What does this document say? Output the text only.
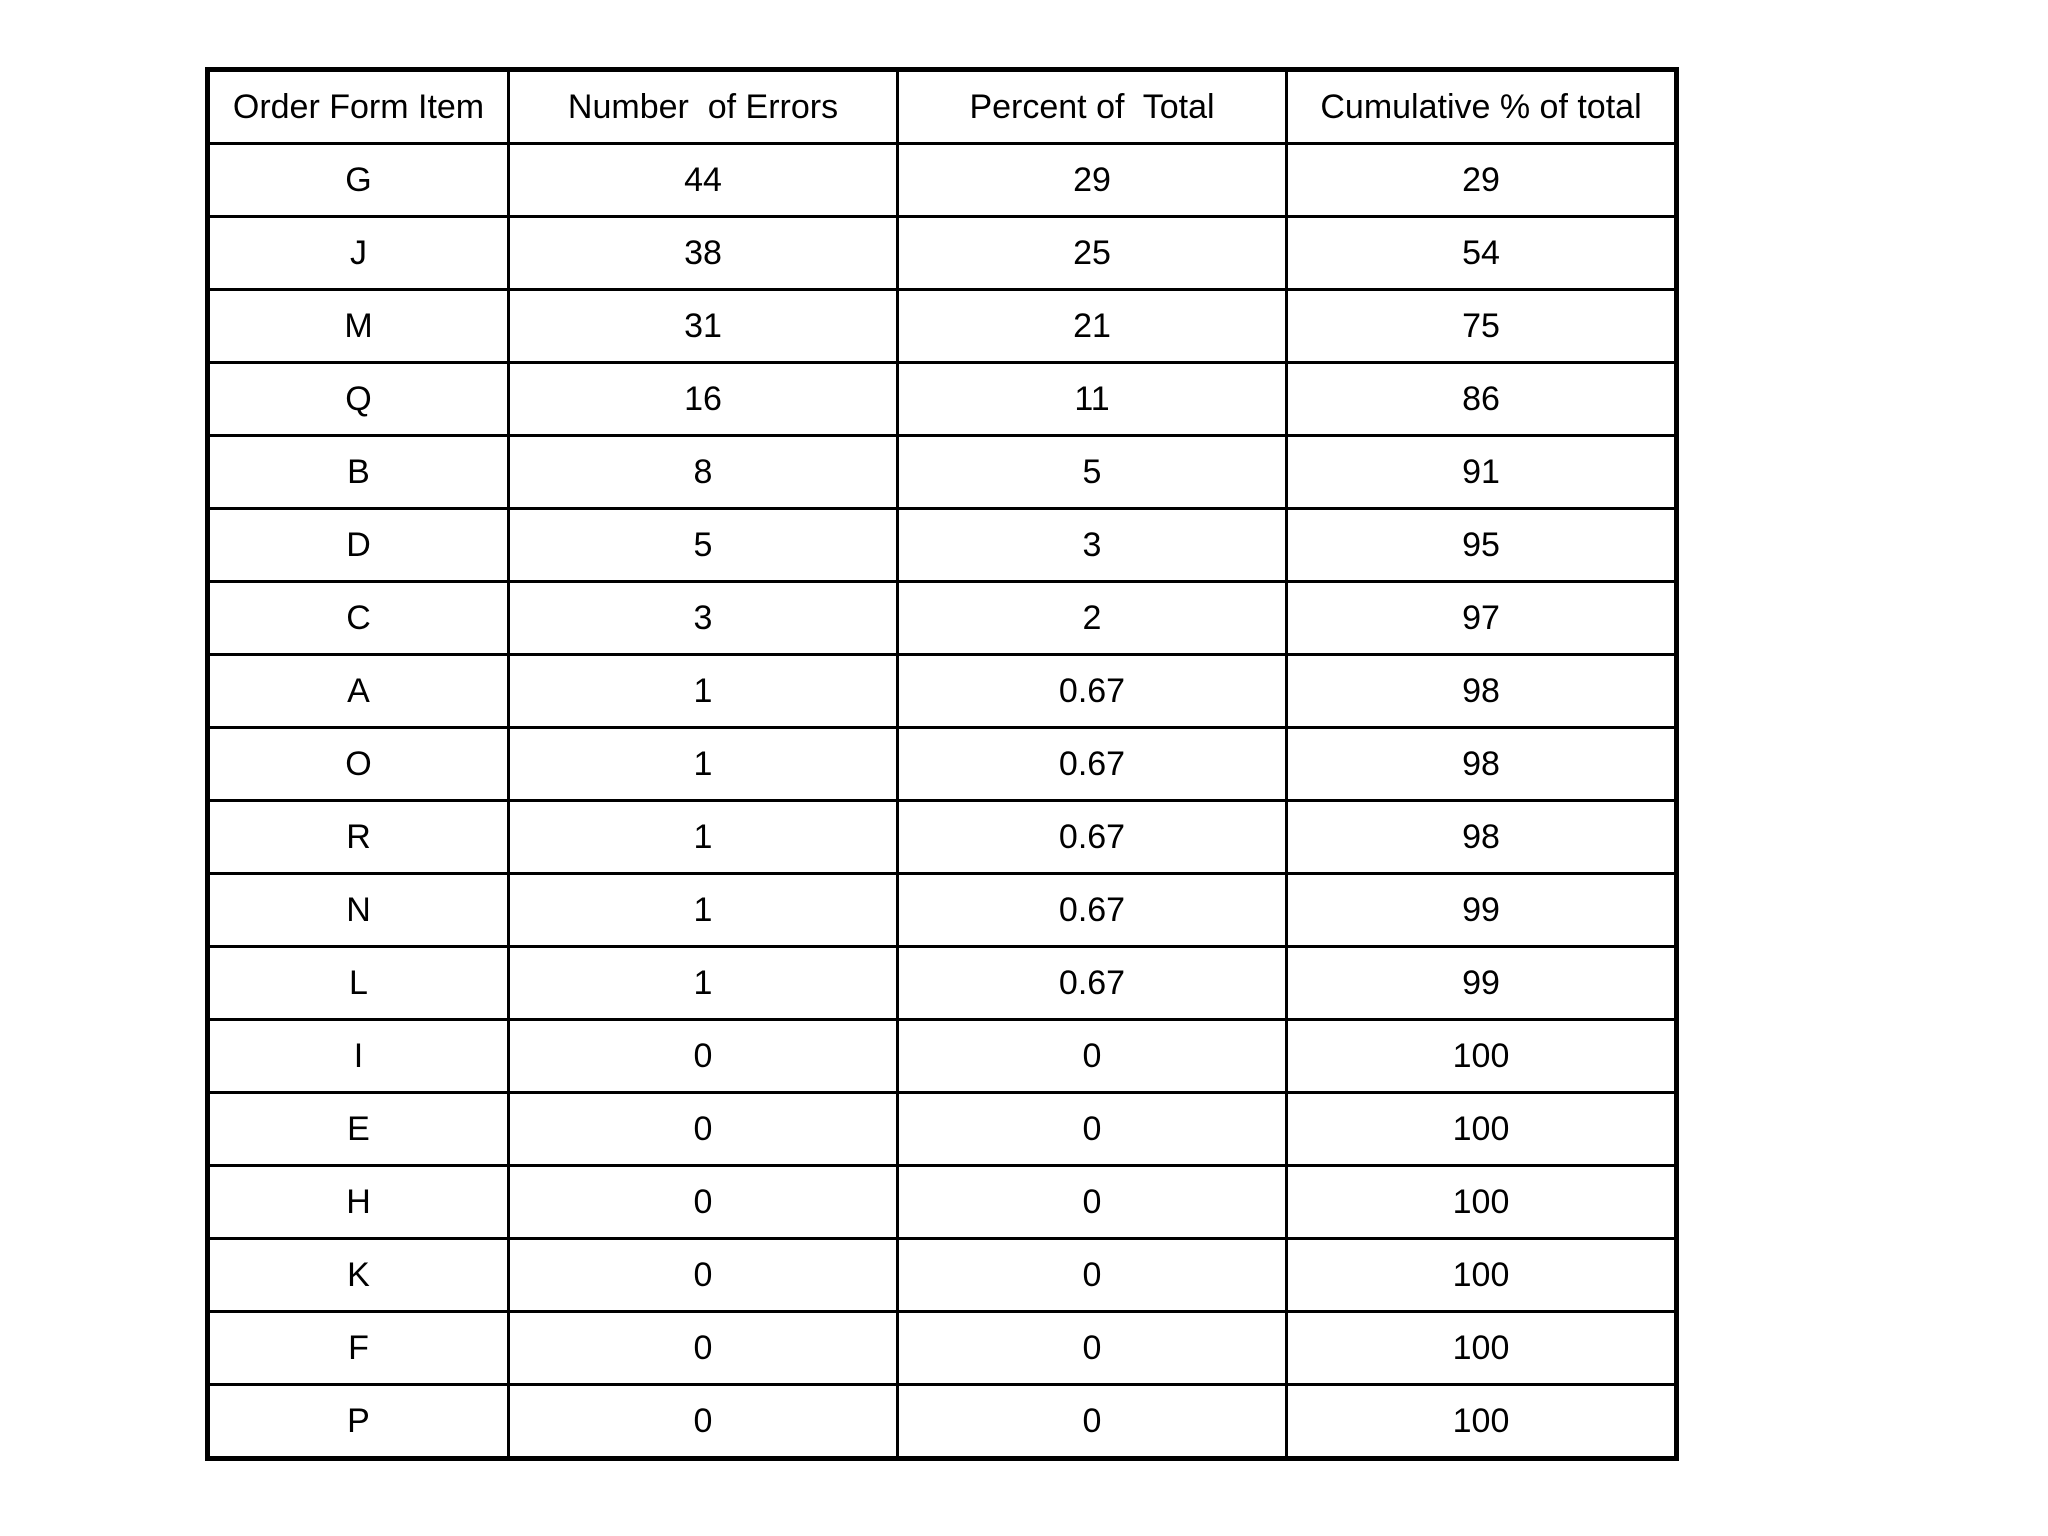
Order Form Item	Number  of Errors	Percent of  Total	Cumulative % of total
G	44	29	29
J	38	25	54
M	31	21	75
Q	16	11	86
B	8	5	91
D	5	3	95
C	3	2	97
A	1	0.67	98
O	1	0.67	98
R	1	0.67	98
N	1	0.67	99
L	1	0.67	99
I	0	0	100
E	0	0	100
H	0	0	100
K	0	0	100
F	0	0	100
P	0	0	100
